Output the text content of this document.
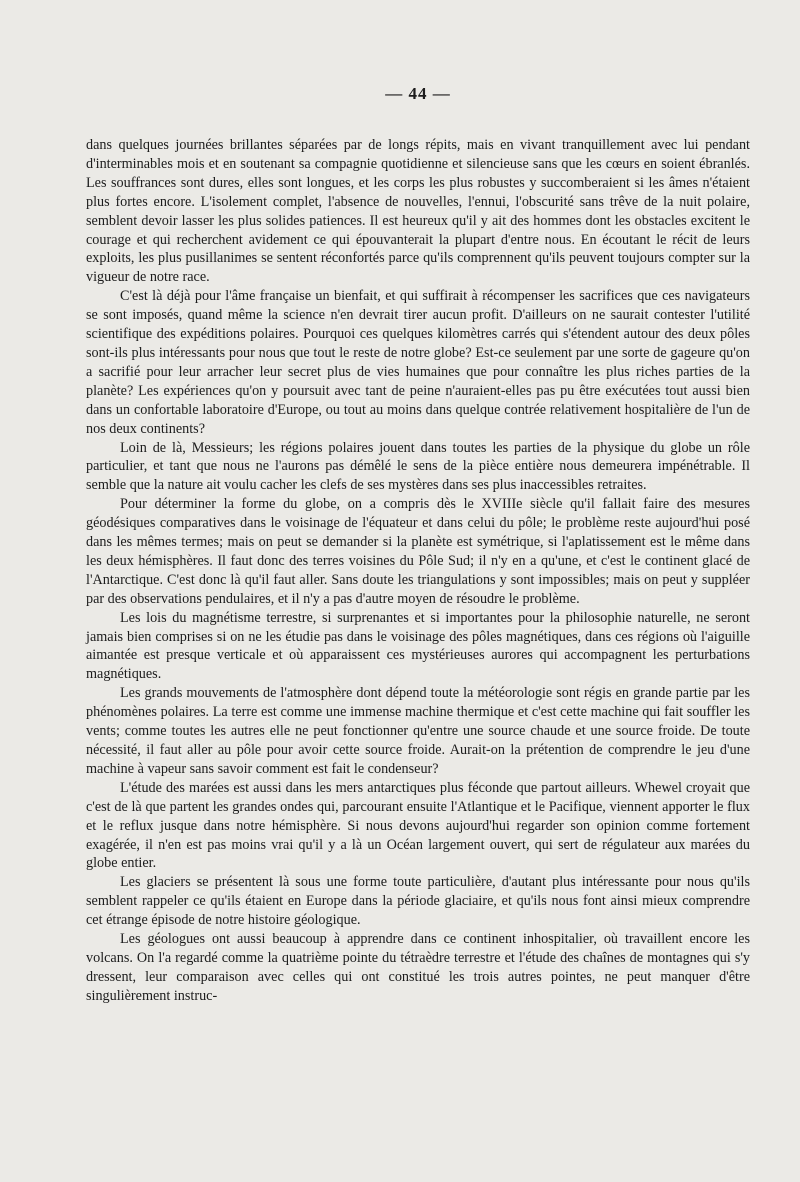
— 44 —

dans quelques journées brillantes séparées par de longs répits, mais en vivant tranquillement avec lui pendant d'interminables mois et en soutenant sa compagnie quotidienne et silencieuse sans que les cœurs en soient ébranlés. Les souffrances sont dures, elles sont longues, et les corps les plus robustes y succomberaient si les âmes n'étaient plus fortes encore. L'isolement complet, l'absence de nouvelles, l'ennui, l'obscurité sans trêve de la nuit polaire, semblent devoir lasser les plus solides patiences. Il est heureux qu'il y ait des hommes dont les obstacles excitent le courage et qui recherchent avidement ce qui épouvanterait la plupart d'entre nous. En écoutant le récit de leurs exploits, les plus pusillanimes se sentent réconfortés parce qu'ils comprennent qu'ils peuvent toujours compter sur la vigueur de notre race.

C'est là déjà pour l'âme française un bienfait, et qui suffirait à récompenser les sacrifices que ces navigateurs se sont imposés, quand même la science n'en devrait tirer aucun profit. D'ailleurs on ne saurait contester l'utilité scientifique des expéditions polaires. Pourquoi ces quelques kilomètres carrés qui s'étendent autour des deux pôles sont-ils plus intéressants pour nous que tout le reste de notre globe? Est-ce seulement par une sorte de gageure qu'on a sacrifié pour leur arracher leur secret plus de vies humaines que pour connaître les plus riches parties de la planète? Les expériences qu'on y poursuit avec tant de peine n'auraient-elles pas pu être exécutées tout aussi bien dans un confortable laboratoire d'Europe, ou tout au moins dans quelque contrée relativement hospitalière de l'un de nos deux continents?

Loin de là, Messieurs; les régions polaires jouent dans toutes les parties de la physique du globe un rôle particulier, et tant que nous ne l'aurons pas démêlé le sens de la pièce entière nous demeurera impénétrable. Il semble que la nature ait voulu cacher les clefs de ses mystères dans ses plus inaccessibles retraites.

Pour déterminer la forme du globe, on a compris dès le XVIIIe siècle qu'il fallait faire des mesures géodésiques comparatives dans le voisinage de l'équateur et dans celui du pôle; le problème reste aujourd'hui posé dans les mêmes termes; mais on peut se demander si la planète est symétrique, si l'aplatissement est le même dans les deux hémisphères. Il faut donc des terres voisines du Pôle Sud; il n'y en a qu'une, et c'est le continent glacé de l'Antarctique. C'est donc là qu'il faut aller. Sans doute les triangulations y sont impossibles; mais on peut y suppléer par des observations pendulaires, et il n'y a pas d'autre moyen de résoudre le problème.

Les lois du magnétisme terrestre, si surprenantes et si importantes pour la philosophie naturelle, ne seront jamais bien comprises si on ne les étudie pas dans le voisinage des pôles magnétiques, dans ces régions où l'aiguille aimantée est presque verticale et où apparaissent ces mystérieuses aurores qui accompagnent les perturbations magnétiques.

Les grands mouvements de l'atmosphère dont dépend toute la météorologie sont régis en grande partie par les phénomènes polaires. La terre est comme une immense machine thermique et c'est cette machine qui fait souffler les vents; comme toutes les autres elle ne peut fonctionner qu'entre une source chaude et une source froide. De toute nécessité, il faut aller au pôle pour avoir cette source froide. Aurait-on la prétention de comprendre le jeu d'une machine à vapeur sans savoir comment est fait le condenseur?

L'étude des marées est aussi dans les mers antarctiques plus féconde que partout ailleurs. Whewel croyait que c'est de là que partent les grandes ondes qui, parcourant ensuite l'Atlantique et le Pacifique, viennent apporter le flux et le reflux jusque dans notre hémisphère. Si nous devons aujourd'hui regarder son opinion comme fortement exagérée, il n'en est pas moins vrai qu'il y a là un Océan largement ouvert, qui sert de régulateur aux marées du globe entier.

Les glaciers se présentent là sous une forme toute particulière, d'autant plus intéressante pour nous qu'ils semblent rappeler ce qu'ils étaient en Europe dans la période glaciaire, et qu'ils nous font ainsi mieux comprendre cet étrange épisode de notre histoire géologique.

Les géologues ont aussi beaucoup à apprendre dans ce continent inhospitalier, où travaillent encore les volcans. On l'a regardé comme la quatrième pointe du tétraèdre terrestre et l'étude des chaînes de montagnes qui s'y dressent, leur comparaison avec celles qui ont constitué les trois autres pointes, ne peut manquer d'être singulièrement instruc-
